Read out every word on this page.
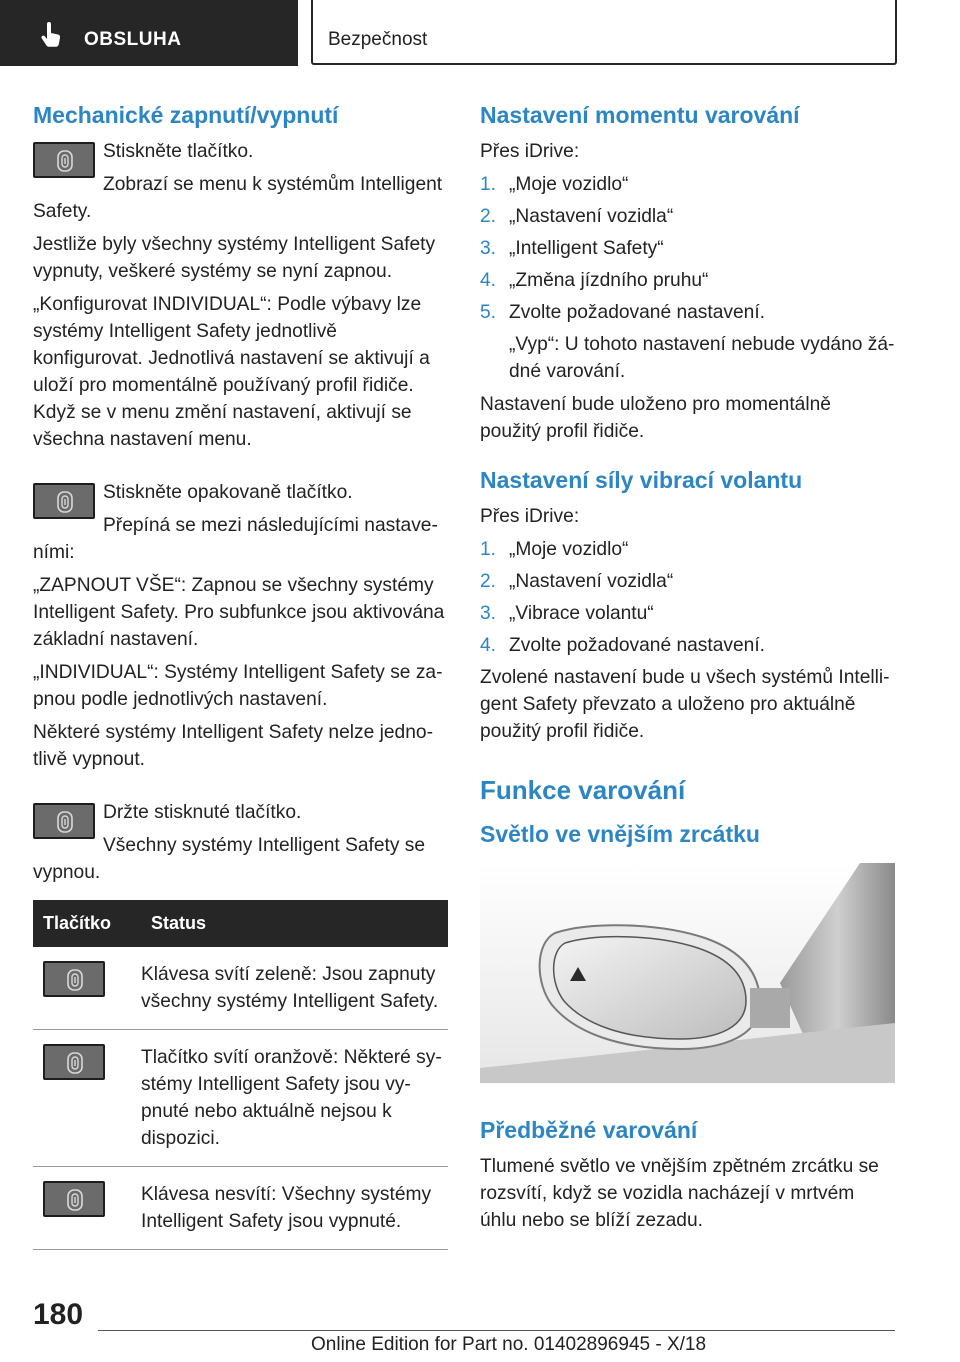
OBSLUHA	Bezpečnost
Mechanické zapnutí/vypnutí

Stiskněte tlačítko.

Zobrazí se menu k systémům Intelligent Safety.

Jestliže byly všechny systémy Intelligent Safety vypnuty, veškeré systémy se nyní zapnou.

„Konfigurovat INDIVIDUAL“: Podle výbavy lze systémy Intelligent Safety jednotlivě konfigurovat. Jednotlivá nastavení se aktivují a uloží pro momentálně používaný profil řidiče. Když se v menu změní nastavení, aktivují se všechna nastavení menu.

Stiskněte opakovaně tlačítko.

Přepíná se mezi následujícími nastaveními:

„ZAPNOUT VŠE“: Zapnou se všechny systémy Intelligent Safety. Pro subfunkce jsou aktivována základní nastavení.

„INDIVIDUAL“: Systémy Intelligent Safety se zapnou podle jednotlivých nastavení.

Některé systémy Intelligent Safety nelze jednotlivě vypnout.

Držte stisknuté tlačítko.

Všechny systémy Intelligent Safety se vypnou.

Tlačítko	Status

	Klávesa svítí zeleně: Jsou zapnuty všechny systémy Intelligent Safety.

	Tlačítko svítí oranžově: Některé systémy Intelligent Safety jsou vypnuté nebo aktuálně nejsou k dispozici.

	Klávesa nesvítí: Všechny systémy Intelligent Safety jsou vypnuté.
Nastavení momentu varování

Přes iDrive:

1. „Moje vozidlo“
2. „Nastavení vozidla“
3. „Intelligent Safety“
4. „Změna jízdního pruhu“
5. Zvolte požadované nastavení.

„Vyp“: U tohoto nastavení nebude vydáno žádné varování.

Nastavení bude uloženo pro momentálně použitý profil řidiče.

Nastavení síly vibrací volantu

Přes iDrive:

1. „Moje vozidlo“
2. „Nastavení vozidla“
3. „Vibrace volantu“
4. Zvolte požadované nastavení.

Zvolené nastavení bude u všech systémů Intelligent Safety převzato a uloženo pro aktuálně použitý profil řidiče.

Funkce varování
Světlo ve vnějším zrcátku
Předběžné varování

Tlumené světlo ve vnějším zpětném zrcátku se rozsvítí, když se vozidla nacházejí v mrtvém úhlu nebo se blíží zezadu.

180
Online Edition for Part no. 01402896945 - X/18
